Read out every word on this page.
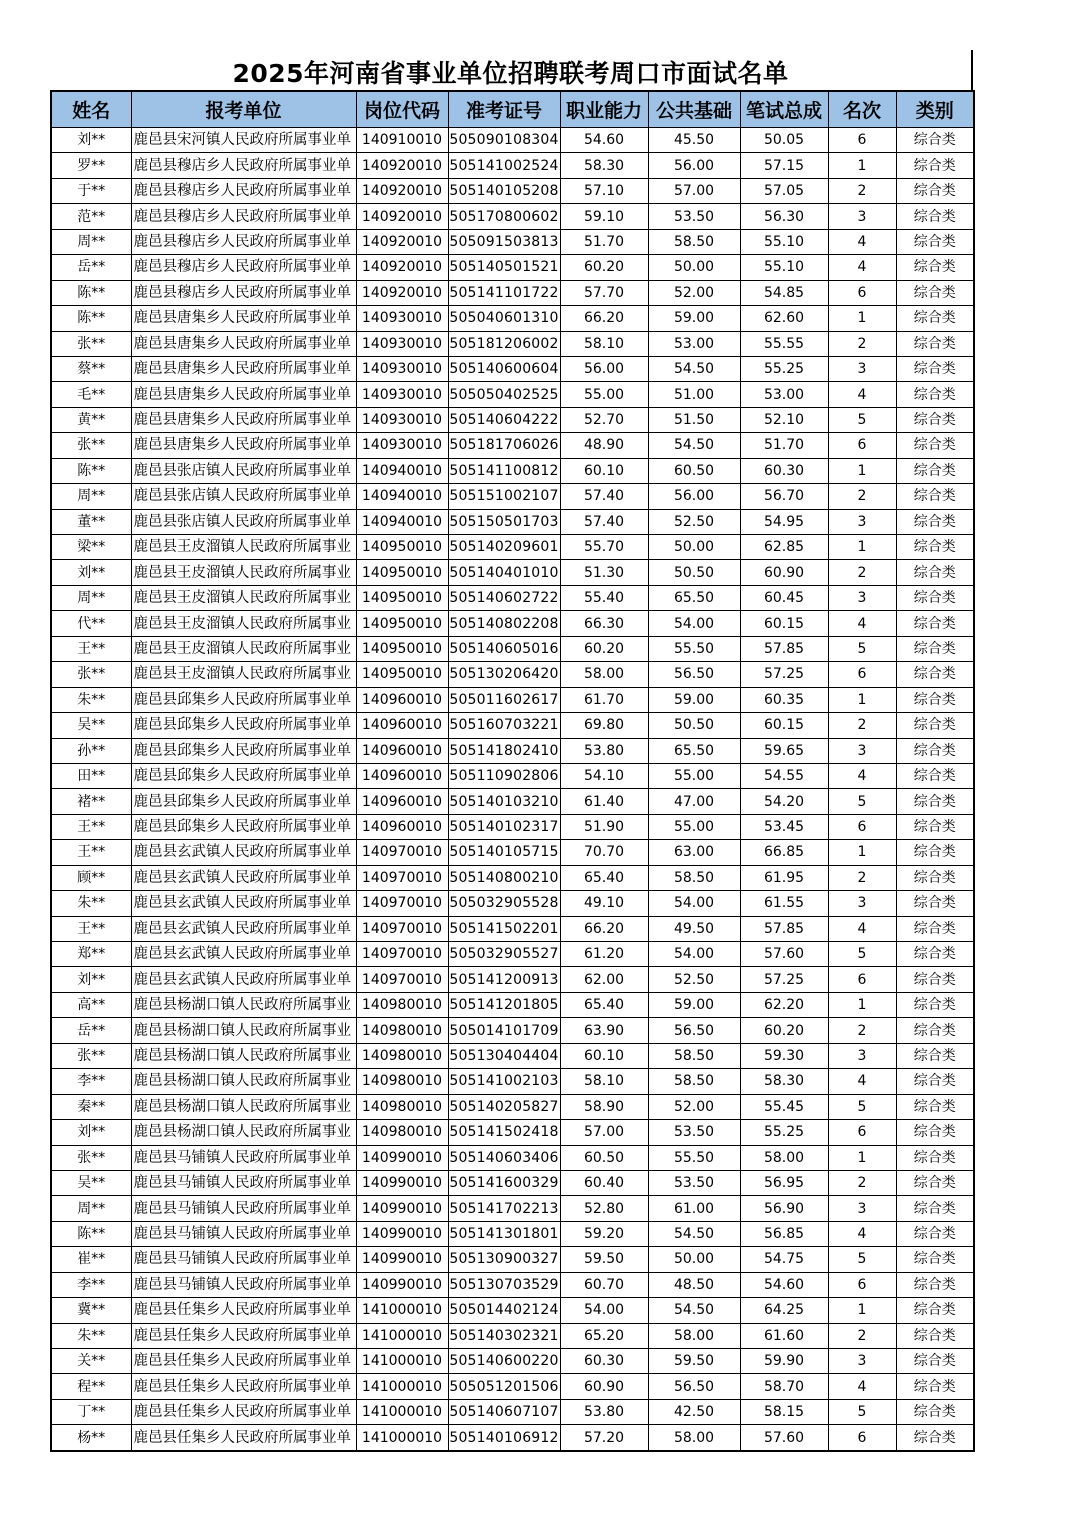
2025年河南省事业单位招聘联考周口市面试名单
姓名	报考单位	岗位代码	准考证号	职业能力	公共基础	笔试总成	名次	类别
刘**	鹿邑县宋河镇人民政府所属事业单	140910010	505090108304	54.60	45.50	50.05	6	综合类
罗**	鹿邑县穆店乡人民政府所属事业单	140920010	505141002524	58.30	56.00	57.15	1	综合类
于**	鹿邑县穆店乡人民政府所属事业单	140920010	505140105208	57.10	57.00	57.05	2	综合类
范**	鹿邑县穆店乡人民政府所属事业单	140920010	505170800602	59.10	53.50	56.30	3	综合类
周**	鹿邑县穆店乡人民政府所属事业单	140920010	505091503813	51.70	58.50	55.10	4	综合类
岳**	鹿邑县穆店乡人民政府所属事业单	140920010	505140501521	60.20	50.00	55.10	4	综合类
陈**	鹿邑县穆店乡人民政府所属事业单	140920010	505141101722	57.70	52.00	54.85	6	综合类
陈**	鹿邑县唐集乡人民政府所属事业单	140930010	505040601310	66.20	59.00	62.60	1	综合类
张**	鹿邑县唐集乡人民政府所属事业单	140930010	505181206002	58.10	53.00	55.55	2	综合类
蔡**	鹿邑县唐集乡人民政府所属事业单	140930010	505140600604	56.00	54.50	55.25	3	综合类
毛**	鹿邑县唐集乡人民政府所属事业单	140930010	505050402525	55.00	51.00	53.00	4	综合类
黄**	鹿邑县唐集乡人民政府所属事业单	140930010	505140604222	52.70	51.50	52.10	5	综合类
张**	鹿邑县唐集乡人民政府所属事业单	140930010	505181706026	48.90	54.50	51.70	6	综合类
陈**	鹿邑县张店镇人民政府所属事业单	140940010	505141100812	60.10	60.50	60.30	1	综合类
周**	鹿邑县张店镇人民政府所属事业单	140940010	505151002107	57.40	56.00	56.70	2	综合类
董**	鹿邑县张店镇人民政府所属事业单	140940010	505150501703	57.40	52.50	54.95	3	综合类
梁**	鹿邑县王皮溜镇人民政府所属事业	140950010	505140209601	55.70	50.00	62.85	1	综合类
刘**	鹿邑县王皮溜镇人民政府所属事业	140950010	505140401010	51.30	50.50	60.90	2	综合类
周**	鹿邑县王皮溜镇人民政府所属事业	140950010	505140602722	55.40	65.50	60.45	3	综合类
代**	鹿邑县王皮溜镇人民政府所属事业	140950010	505140802208	66.30	54.00	60.15	4	综合类
王**	鹿邑县王皮溜镇人民政府所属事业	140950010	505140605016	60.20	55.50	57.85	5	综合类
张**	鹿邑县王皮溜镇人民政府所属事业	140950010	505130206420	58.00	56.50	57.25	6	综合类
朱**	鹿邑县邱集乡人民政府所属事业单	140960010	505011602617	61.70	59.00	60.35	1	综合类
吴**	鹿邑县邱集乡人民政府所属事业单	140960010	505160703221	69.80	50.50	60.15	2	综合类
孙**	鹿邑县邱集乡人民政府所属事业单	140960010	505141802410	53.80	65.50	59.65	3	综合类
田**	鹿邑县邱集乡人民政府所属事业单	140960010	505110902806	54.10	55.00	54.55	4	综合类
褚**	鹿邑县邱集乡人民政府所属事业单	140960010	505140103210	61.40	47.00	54.20	5	综合类
王**	鹿邑县邱集乡人民政府所属事业单	140960010	505140102317	51.90	55.00	53.45	6	综合类
王**	鹿邑县玄武镇人民政府所属事业单	140970010	505140105715	70.70	63.00	66.85	1	综合类
顾**	鹿邑县玄武镇人民政府所属事业单	140970010	505140800210	65.40	58.50	61.95	2	综合类
朱**	鹿邑县玄武镇人民政府所属事业单	140970010	505032905528	49.10	54.00	61.55	3	综合类
王**	鹿邑县玄武镇人民政府所属事业单	140970010	505141502201	66.20	49.50	57.85	4	综合类
郑**	鹿邑县玄武镇人民政府所属事业单	140970010	505032905527	61.20	54.00	57.60	5	综合类
刘**	鹿邑县玄武镇人民政府所属事业单	140970010	505141200913	62.00	52.50	57.25	6	综合类
高**	鹿邑县杨湖口镇人民政府所属事业	140980010	505141201805	65.40	59.00	62.20	1	综合类
岳**	鹿邑县杨湖口镇人民政府所属事业	140980010	505014101709	63.90	56.50	60.20	2	综合类
张**	鹿邑县杨湖口镇人民政府所属事业	140980010	505130404404	60.10	58.50	59.30	3	综合类
李**	鹿邑县杨湖口镇人民政府所属事业	140980010	505141002103	58.10	58.50	58.30	4	综合类
秦**	鹿邑县杨湖口镇人民政府所属事业	140980010	505140205827	58.90	52.00	55.45	5	综合类
刘**	鹿邑县杨湖口镇人民政府所属事业	140980010	505141502418	57.00	53.50	55.25	6	综合类
张**	鹿邑县马铺镇人民政府所属事业单	140990010	505140603406	60.50	55.50	58.00	1	综合类
吴**	鹿邑县马铺镇人民政府所属事业单	140990010	505141600329	60.40	53.50	56.95	2	综合类
周**	鹿邑县马铺镇人民政府所属事业单	140990010	505141702213	52.80	61.00	56.90	3	综合类
陈**	鹿邑县马铺镇人民政府所属事业单	140990010	505141301801	59.20	54.50	56.85	4	综合类
崔**	鹿邑县马铺镇人民政府所属事业单	140990010	505130900327	59.50	50.00	54.75	5	综合类
李**	鹿邑县马铺镇人民政府所属事业单	140990010	505130703529	60.70	48.50	54.60	6	综合类
冀**	鹿邑县任集乡人民政府所属事业单	141000010	505014402124	54.00	54.50	64.25	1	综合类
朱**	鹿邑县任集乡人民政府所属事业单	141000010	505140302321	65.20	58.00	61.60	2	综合类
关**	鹿邑县任集乡人民政府所属事业单	141000010	505140600220	60.30	59.50	59.90	3	综合类
程**	鹿邑县任集乡人民政府所属事业单	141000010	505051201506	60.90	56.50	58.70	4	综合类
丁**	鹿邑县任集乡人民政府所属事业单	141000010	505140607107	53.80	42.50	58.15	5	综合类
杨**	鹿邑县任集乡人民政府所属事业单	141000010	505140106912	57.20	58.00	57.60	6	综合类
